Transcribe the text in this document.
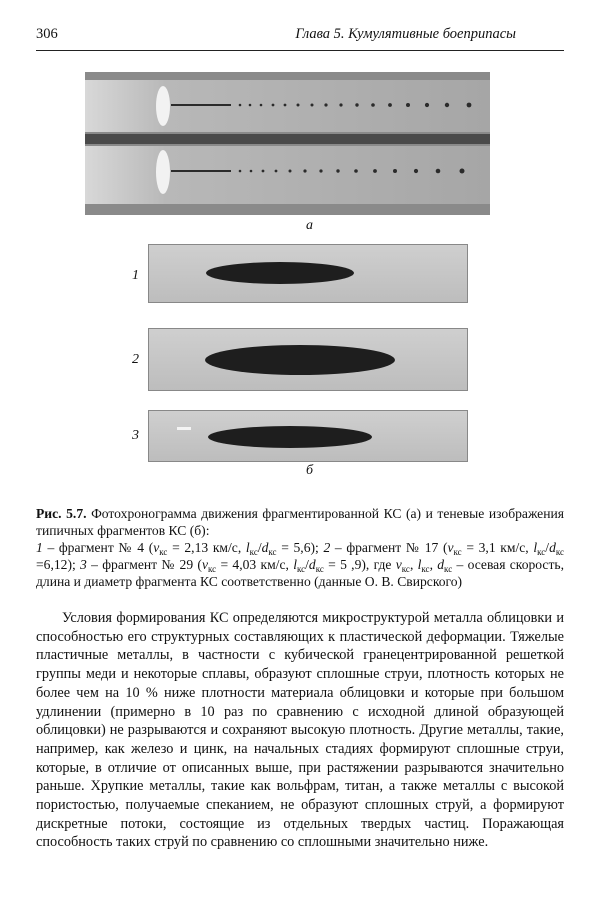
306	Глава 5. Кумулятивные боеприпасы
а
1
2
3
б
Рис. 5.7. Фотохронограмма движения фрагментированной КС (а) и теневые изображения типичных фрагментов КС (б):
1 – фрагмент № 4 ($v_{кс} = 2,13$ км/с, $l_{кс}/d_{кс} = 5,6$); 2 – фрагмент № 17 ($v_{кс} = 3,1$ км/с, $l_{кс}/d_{кс} =6,12$); 3 – фрагмент № 29 ($v_{кс} = 4,03$ км/с, $l_{кс}/d_{кс} = 5$ ,9), где $v_{кс}$, $l_{кс}$, $d_{кс}$ – осевая скорость, длина и диаметр фрагмента КС соответственно (данные О. В. Свирского)

Условия формирования КС определяются микроструктурой металла облицовки и способностью его структурных составляющих к пластической деформации. Тяжелые пластичные металлы, в частности с кубической гранецентрированной решеткой группы меди и некоторые сплавы, образуют сплошные струи, плотность которых не более чем на 10 % ниже плотности материала облицовки и которые при большом удлинении (примерно в 10 раз по сравнению с исходной длиной образующей облицовки) не разрываются и сохраняют высокую плотность. Другие металлы, такие, например, как железо и цинк, на начальных стадиях формируют сплошные струи, которые, в отличие от описанных выше, при растяжении разрываются значительно раньше. Хрупкие металлы, такие как вольфрам, титан, а также металлы с высокой пористостью, получаемые спеканием, не образуют сплошных струй, а формируют дискретные потоки, состоящие из отдельных твердых частиц. Поражающая способность таких струй по сравнению со сплошными значительно ниже.
